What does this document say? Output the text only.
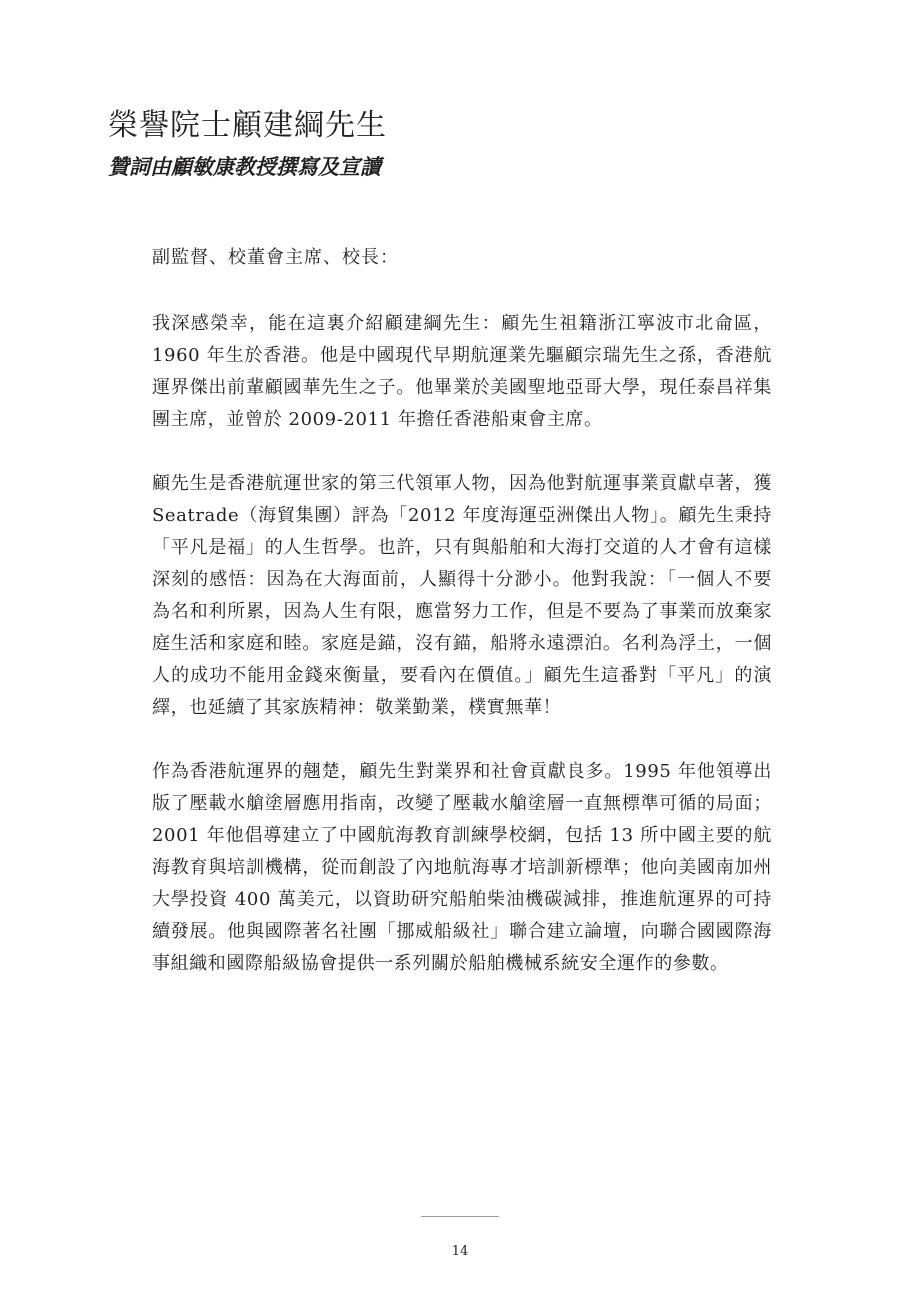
榮譽院士顧建綱先生
贊詞由顧敏康教授撰寫及宣讀

副監督、校董會主席、校長：

我深感榮幸，能在這裏介紹顧建綱先生：顧先生祖籍浙江寧波市北侖區，1960 年生於香港。他是中國現代早期航運業先驅顧宗瑞先生之孫，香港航運界傑出前輩顧國華先生之子。他畢業於美國聖地亞哥大學，現任泰昌祥集團主席，並曾於 2009-2011 年擔任香港船東會主席。

顧先生是香港航運世家的第三代領軍人物，因為他對航運事業貢獻卓著，獲 Seatrade（海貿集團）評為「2012 年度海運亞洲傑出人物」。顧先生秉持「平凡是福」的人生哲學。也許，只有與船舶和大海打交道的人才會有這樣深刻的感悟：因為在大海面前，人顯得十分渺小。他對我說：「一個人不要為名和利所累，因為人生有限，應當努力工作，但是不要為了事業而放棄家庭生活和家庭和睦。家庭是錨，沒有錨，船將永遠漂泊。名利為浮土，一個人的成功不能用金錢來衡量，要看內在價值。」顧先生這番對「平凡」的演繹，也延續了其家族精神：敬業勤業，樸實無華！

作為香港航運界的翹楚，顧先生對業界和社會貢獻良多。1995 年他領導出版了壓載水艙塗層應用指南，改變了壓載水艙塗層一直無標準可循的局面；2001 年他倡導建立了中國航海教育訓練學校網，包括 13 所中國主要的航海教育與培訓機構，從而創設了內地航海專才培訓新標準；他向美國南加州大學投資 400 萬美元，以資助研究船舶柴油機碳減排，推進航運界的可持續發展。他與國際著名社團「挪威船級社」聯合建立論壇，向聯合國國際海事組織和國際船級協會提供一系列關於船舶機械系統安全運作的參數。

14
